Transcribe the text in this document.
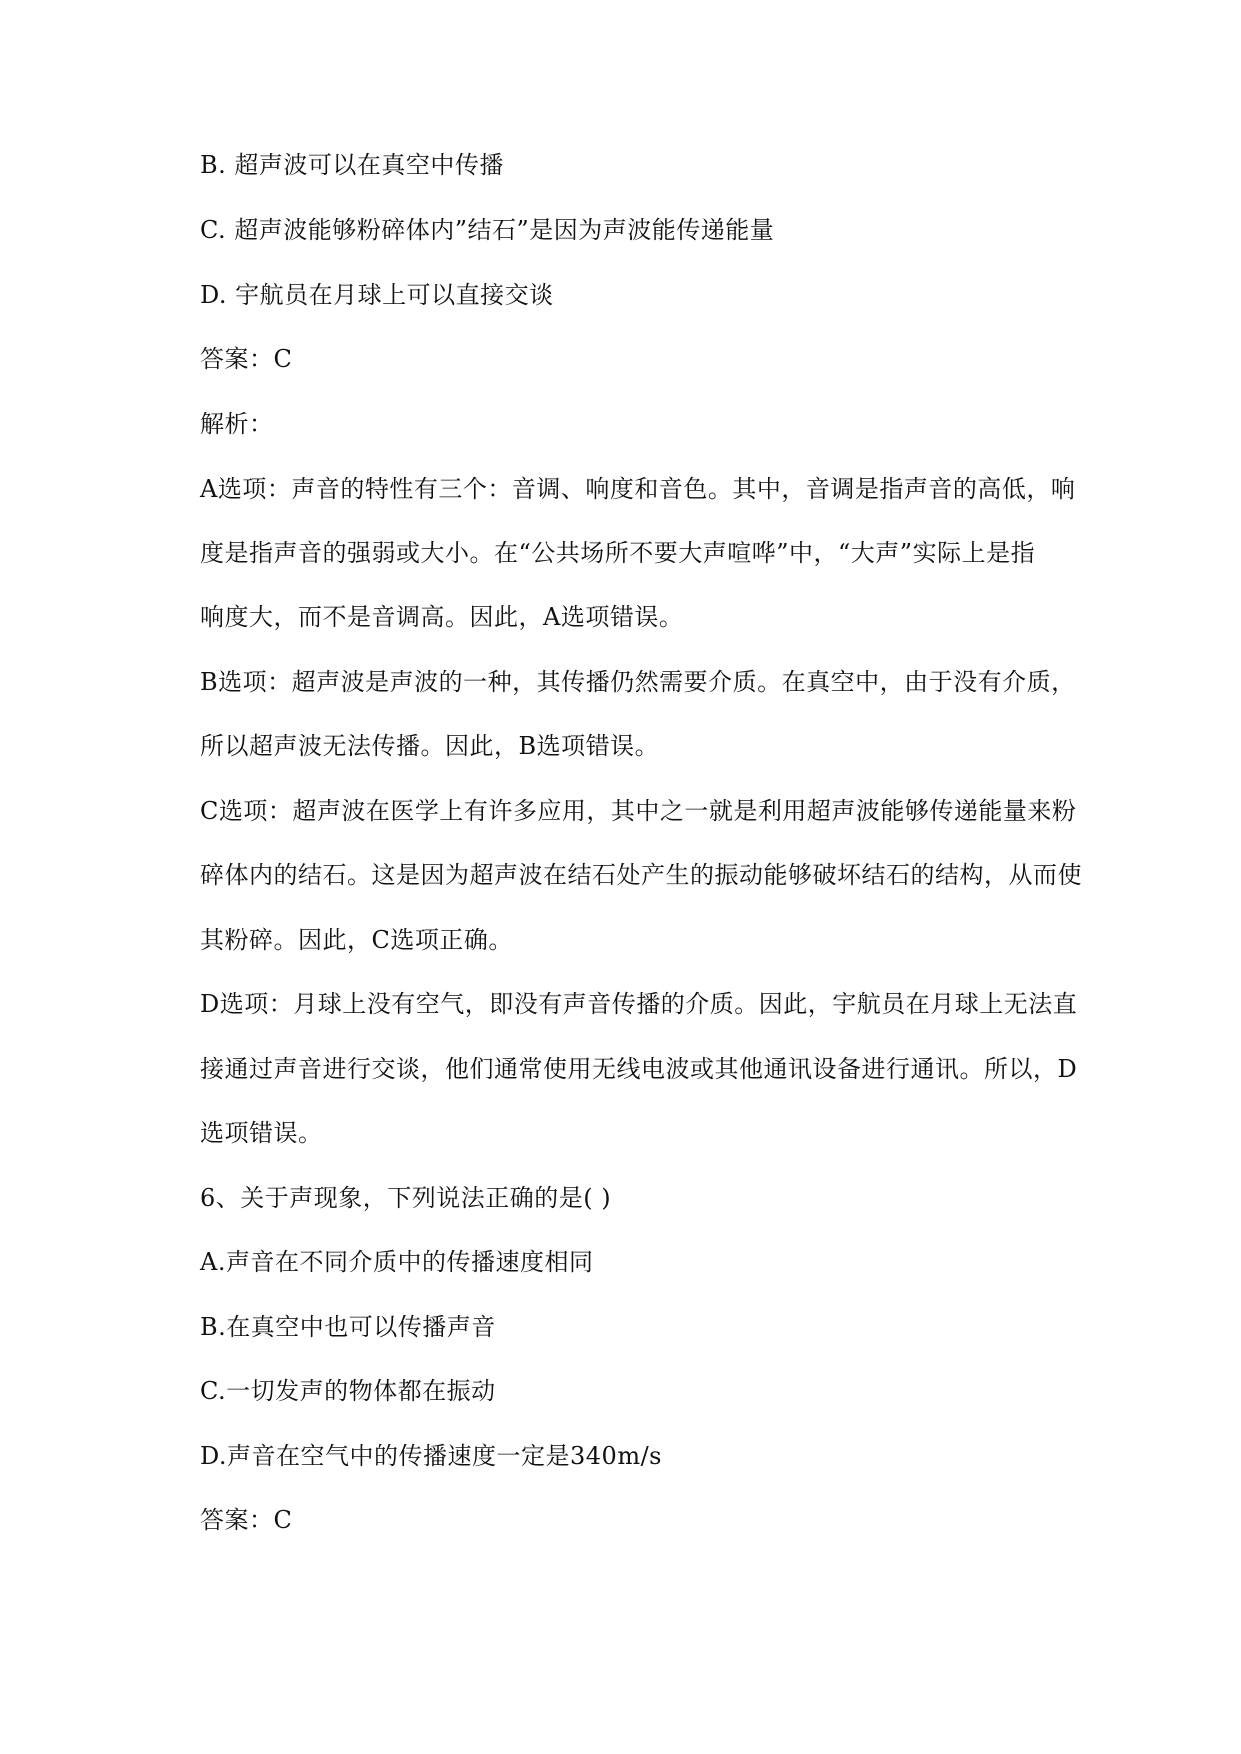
B. 超声波可以在真空中传播
C. 超声波能够粉碎体内”结石”是因为声波能传递能量
D. 宇航员在月球上可以直接交谈
答案：C
解析：
A选项：声音的特性有三个：音调、响度和音色。其中，音调是指声音的高低，响
度是指声音的强弱或大小。在“公共场所不要大声喧哗”中，“大声”实际上是指
响度大，而不是音调高。因此，A选项错误。
B选项：超声波是声波的一种，其传播仍然需要介质。在真空中，由于没有介质，
所以超声波无法传播。因此，B选项错误。
C选项：超声波在医学上有许多应用，其中之一就是利用超声波能够传递能量来粉
碎体内的结石。这是因为超声波在结石处产生的振动能够破坏结石的结构，从而使
其粉碎。因此，C选项正确。
D选项：月球上没有空气，即没有声音传播的介质。因此，宇航员在月球上无法直
接通过声音进行交谈，他们通常使用无线电波或其他通讯设备进行通讯。所以，D
选项错误。
6、关于声现象，下列说法正确的是( )
A.声音在不同介质中的传播速度相同
B.在真空中也可以传播声音
C.一切发声的物体都在振动
D.声音在空气中的传播速度一定是340m/s
答案：C
